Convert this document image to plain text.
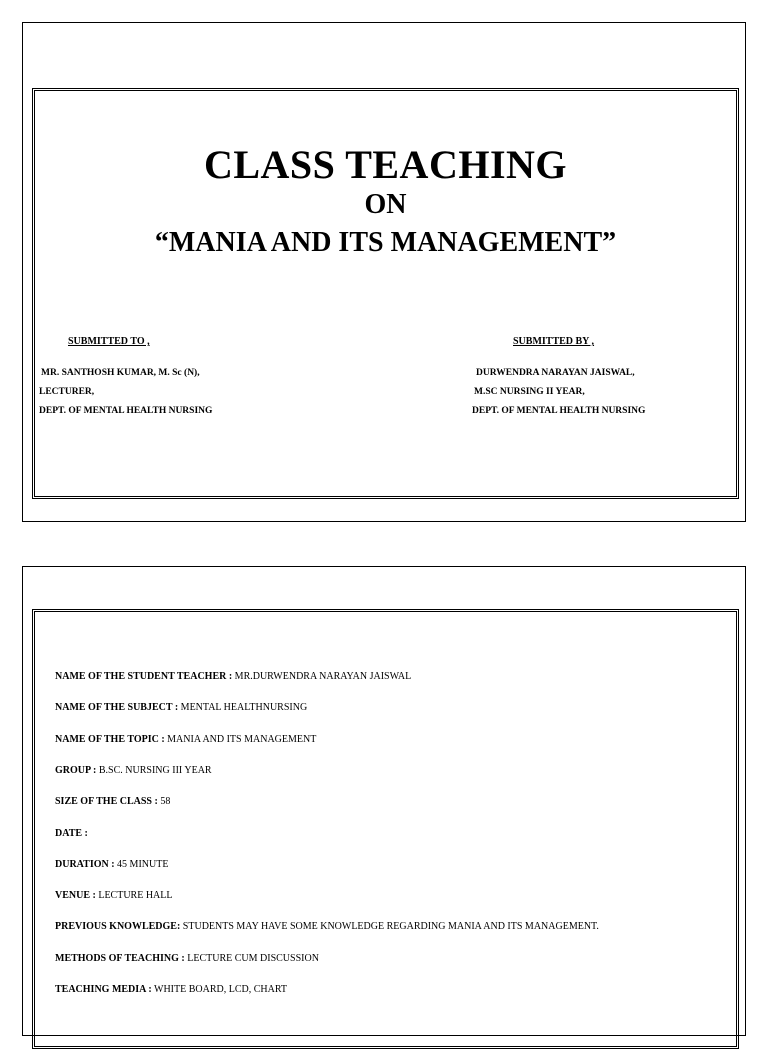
CLASS TEACHING
ON
“MANIA AND ITS MANAGEMENT”
SUBMITTED TO ,	SUBMITTED BY ,
MR. SANTHOSH KUMAR, M. Sc (N),
LECTURER,
DEPT. OF MENTAL HEALTH NURSING
DURWENDRA NARAYAN JAISWAL,
M.SC NURSING II YEAR,
DEPT. OF MENTAL HEALTH NURSING
NAME OF THE STUDENT TEACHER : MR.DURWENDRA NARAYAN JAISWAL
NAME OF THE SUBJECT : MENTAL HEALTHNURSING
NAME OF THE TOPIC : MANIA AND ITS MANAGEMENT
GROUP : B.SC. NURSING III YEAR
SIZE OF THE CLASS : 58
DATE :
DURATION : 45 MINUTE
VENUE : LECTURE HALL
PREVIOUS KNOWLEDGE: STUDENTS MAY HAVE SOME KNOWLEDGE REGARDING MANIA AND ITS MANAGEMENT.
METHODS OF TEACHING : LECTURE CUM DISCUSSION
TEACHING MEDIA : WHITE BOARD, LCD, CHART
